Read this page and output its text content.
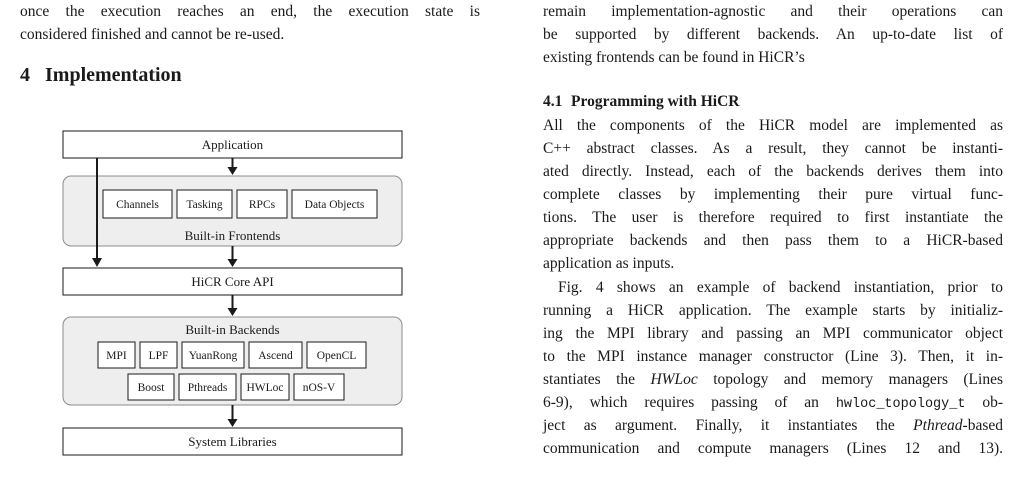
once the execution reaches an end, the execution state is
considered finished and cannot be re-used.
4 Implementation
Application
Channels Tasking RPCs	Data Objects
Built-in Frontends
HiCR Core API
Built-in Backends
MPI LPF YuanRong Ascend OpenCL
Boost Pthreads HWLoc nOS-V
System Libraries
remain implementation-agnostic and their operations can
be supported by different backends. An up-to-date list of
existing frontends can be found in HiCR’s
4.1 Programming with HiCR
All the components of the HiCR model are implemented as
C++ abstract classes. As a result, they cannot be instanti-
ated directly. Instead, each of the backends derives them into
complete classes by implementing their pure virtual func-
tions. The user is therefore required to first instantiate the
appropriate backends and then pass them to a HiCR-based
application as inputs.
Fig. 4 shows an example of backend instantiation, prior to
running a HiCR application. The example starts by initializ-
ing the MPI library and passing an MPI communicator object
to the MPI instance manager constructor (Line 3). Then, it in-
stantiates the HWLoc topology and memory managers (Lines
6-9), which requires passing of an hwloc_topology_t ob-
ject as argument. Finally, it instantiates the Pthread-based
communication and compute managers (Lines 12 and 13).
